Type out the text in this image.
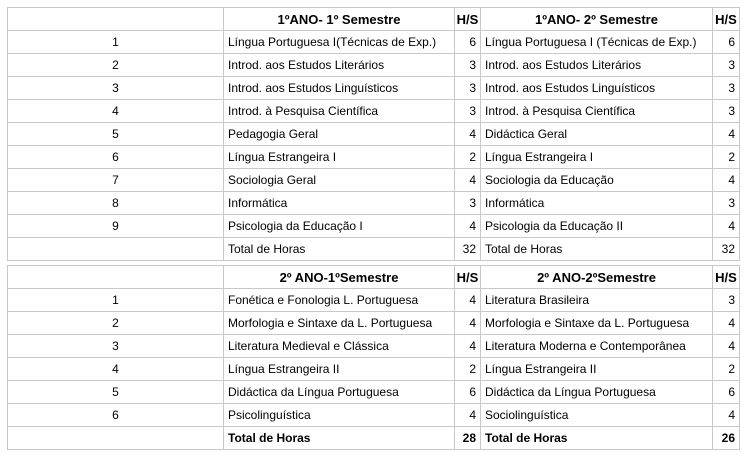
	1ºANO- 1º Semestre	H/S	1ºANO- 2º Semestre	H/S
1	Língua Portuguesa I(Técnicas de Exp.)	6	Língua Portuguesa I (Técnicas de Exp.)	6
2	Introd. aos Estudos Literários	3	Introd. aos Estudos Literários	3
3	Introd. aos Estudos Linguísticos	3	Introd. aos Estudos Linguísticos	3
4	Introd. à Pesquisa Científica	3	Introd. à Pesquisa Científica	3
5	Pedagogia Geral	4	Didáctica Geral	4
6	Língua Estrangeira I	2	Língua Estrangeira I	2
7	Sociologia Geral	4	Sociologia da Educação	4
8	Informática	3	Informática	3
9	Psicologia da Educação I	4	Psicologia da Educação II	4
	Total de Horas	32	Total de Horas	32

	2º ANO-1ºSemestre	H/S	2º ANO-2ºSemestre	H/S
1	Fonética e Fonologia L. Portuguesa	4	Literatura Brasileira	3
2	Morfologia e Sintaxe da L. Portuguesa	4	Morfologia e Sintaxe da L. Portuguesa	4
3	Literatura Medieval e Clássica	4	Literatura Moderna e Contemporânea	4
4	Língua Estrangeira II	2	Língua Estrangeira II	2
5	Didáctica da Língua Portuguesa	6	Didáctica da Língua Portuguesa	6
6	Psicolinguística	4	Sociolinguística	4
	Total de Horas	28	Total de Horas	26
